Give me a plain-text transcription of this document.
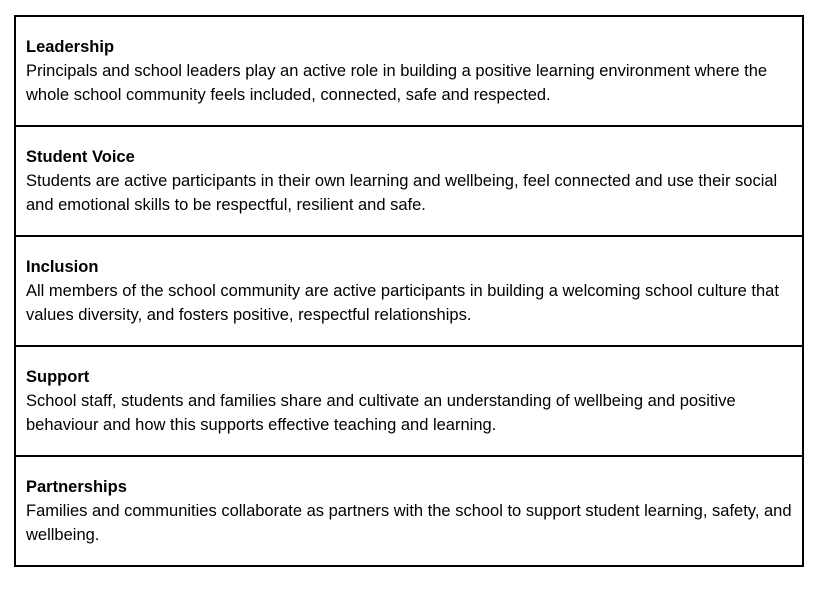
Leadership

Principals and school leaders play an active role in building a positive learning environment where the whole school community feels included, connected, safe and respected.

Student Voice

Students are active participants in their own learning and wellbeing, feel connected and use their social and emotional skills to be respectful, resilient and safe.

Inclusion

All members of the school community are active participants in building a welcoming school culture that values diversity, and fosters positive, respectful relationships.

Support

School staff, students and families share and cultivate an understanding of wellbeing and positive behaviour and how this supports effective teaching and learning.

Partnerships

Families and communities collaborate as partners with the school to support student learning, safety, and wellbeing.
